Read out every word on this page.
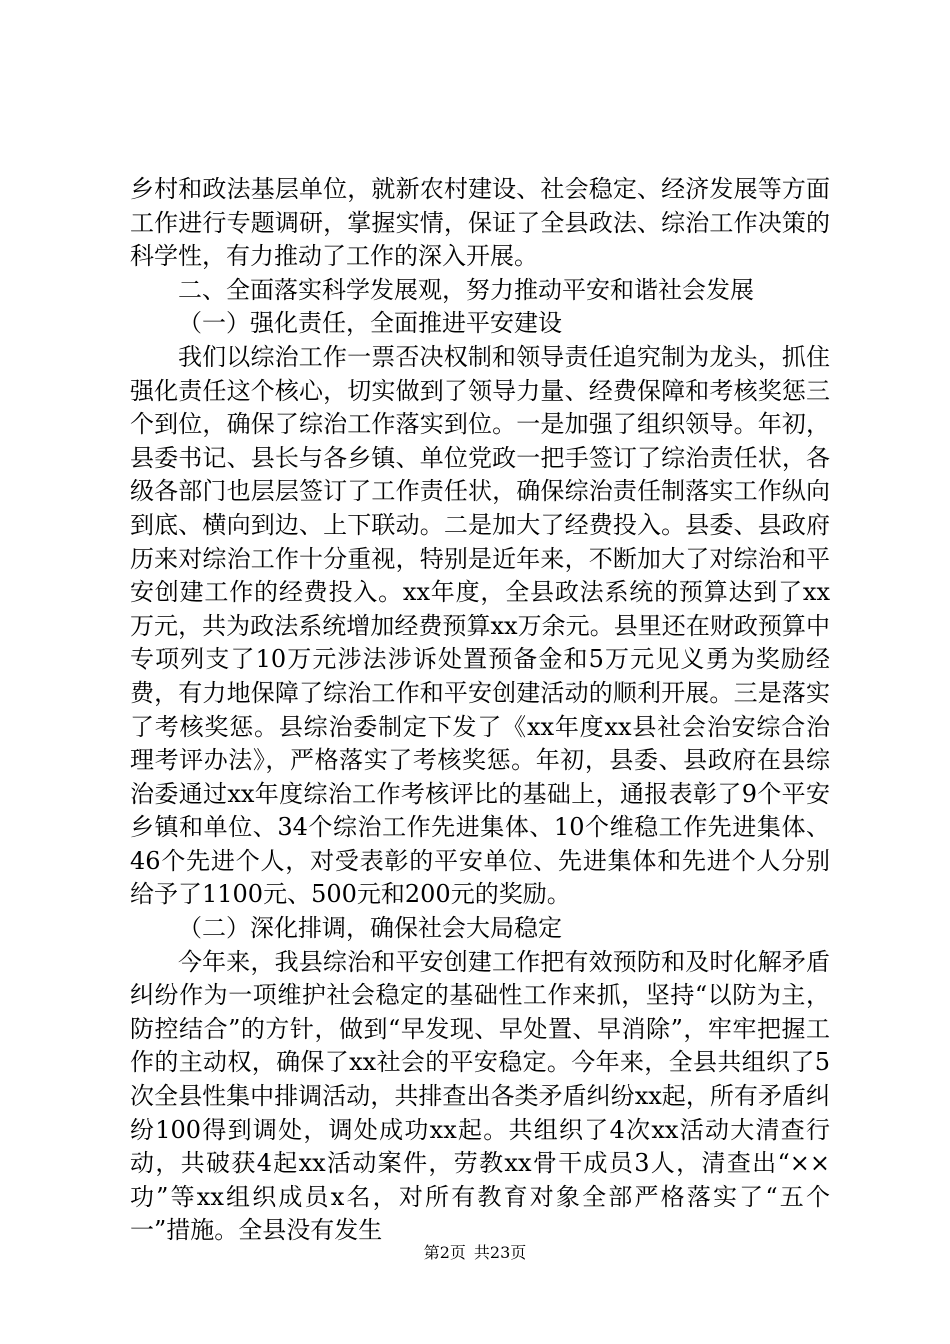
乡村和政法基层单位，就新农村建设、社会稳定、经济发展等方面工作进行专题调研，掌握实情，保证了全县政法、综治工作决策的科学性，有力推动了工作的深入开展。

二、全面落实科学发展观，努力推动平安和谐社会发展

（一）强化责任，全面推进平安建设

我们以综治工作一票否决权制和领导责任追究制为龙头，抓住强化责任这个核心，切实做到了领导力量、经费保障和考核奖惩三个到位，确保了综治工作落实到位。一是加强了组织领导。年初，县委书记、县长与各乡镇、单位党政一把手签订了综治责任状，各级各部门也层层签订了工作责任状，确保综治责任制落实工作纵向到底、横向到边、上下联动。二是加大了经费投入。县委、县政府历来对综治工作十分重视，特别是近年来，不断加大了对综治和平安创建工作的经费投入。xx年度，全县政法系统的预算达到了xx万元，共为政法系统增加经费预算xx万余元。县里还在财政预算中专项列支了10万元涉法涉诉处置预备金和5万元见义勇为奖励经费，有力地保障了综治工作和平安创建活动的顺利开展。三是落实了考核奖惩。县综治委制定下发了《xx年度xx县社会治安综合治理考评办法》，严格落实了考核奖惩。年初，县委、县政府在县综治委通过xx年度综治工作考核评比的基础上，通报表彰了9个平安乡镇和单位、34个综治工作先进集体、10个维稳工作先进集体、46个先进个人，对受表彰的平安单位、先进集体和先进个人分别给予了1100元、500元和200元的奖励。

（二）深化排调，确保社会大局稳定

今年来，我县综治和平安创建工作把有效预防和及时化解矛盾纠纷作为一项维护社会稳定的基础性工作来抓，坚持“以防为主，防控结合”的方针，做到“早发现、早处置、早消除”，牢牢把握工作的主动权，确保了xx社会的平安稳定。今年来，全县共组织了5次全县性集中排调活动，共排查出各类矛盾纠纷xx起，所有矛盾纠纷100得到调处，调处成功xx起。共组织了4次xx活动大清查行动，共破获4起xx活动案件，劳教xx骨干成员3人，清查出“××功”等xx组织成员x名，对所有教育对象全部严格落实了“五个一”措施。全县没有发生

第2页 共23页
